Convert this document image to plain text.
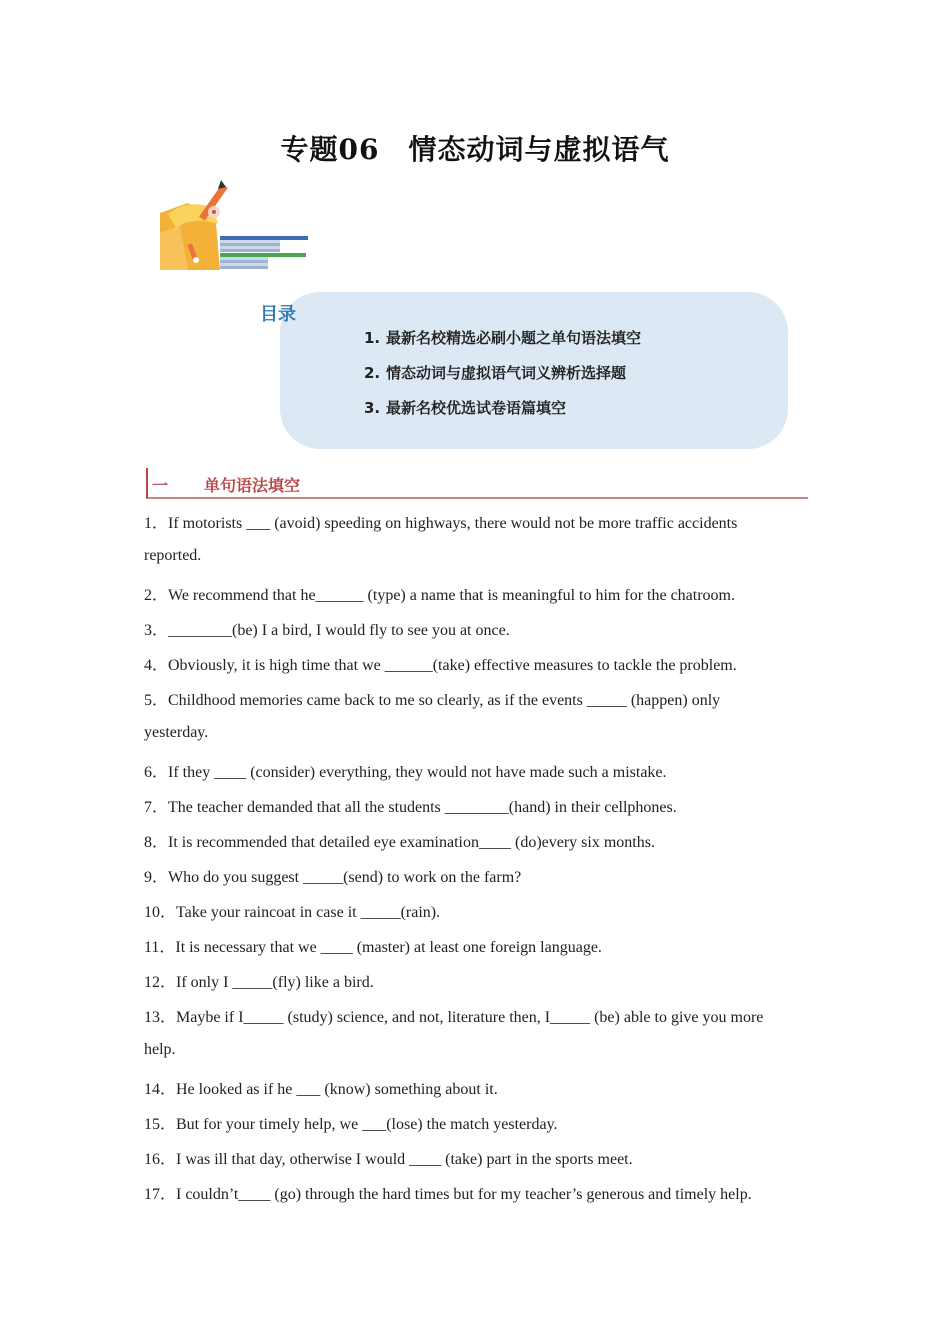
专题06　情态动词与虚拟语气
目录
1. 最新名校精选必刷小题之单句语法填空
2. 情态动词与虚拟语气词义辨析选择题
3. 最新名校优选试卷语篇填空
一 单句语法填空
1．If motorists ___ (avoid) speeding on highways, there would not be more traffic accidents
reported.
2．We recommend that he______ (type) a name that is meaningful to him for the chatroom.
3．________(be) I a bird, I would fly to see you at once.
4．Obviously, it is high time that we ______(take) effective measures to tackle the problem.
5．Childhood memories came back to me so clearly, as if the events _____ (happen) only
yesterday.
6．If they ____ (consider) everything, they would not have made such a mistake.
7．The teacher demanded that all the students ________(hand) in their cellphones.
8．It is recommended that detailed eye examination____ (do)every six months.
9．Who do you suggest _____(send) to work on the farm?
10．Take your raincoat in case it _____(rain).
11．It is necessary that we ____ (master) at least one foreign language.
12．If only I _____(fly) like a bird.
13．Maybe if I_____ (study) science, and not, literature then, I_____ (be) able to give you more
help.
14．He looked as if he ___ (know) something about it.
15．But for your timely help, we ___(lose) the match yesterday.
16．I was ill that day, otherwise I would ____ (take) part in the sports meet.
17．I couldn’t____ (go) through the hard times but for my teacher’s generous and timely help.
